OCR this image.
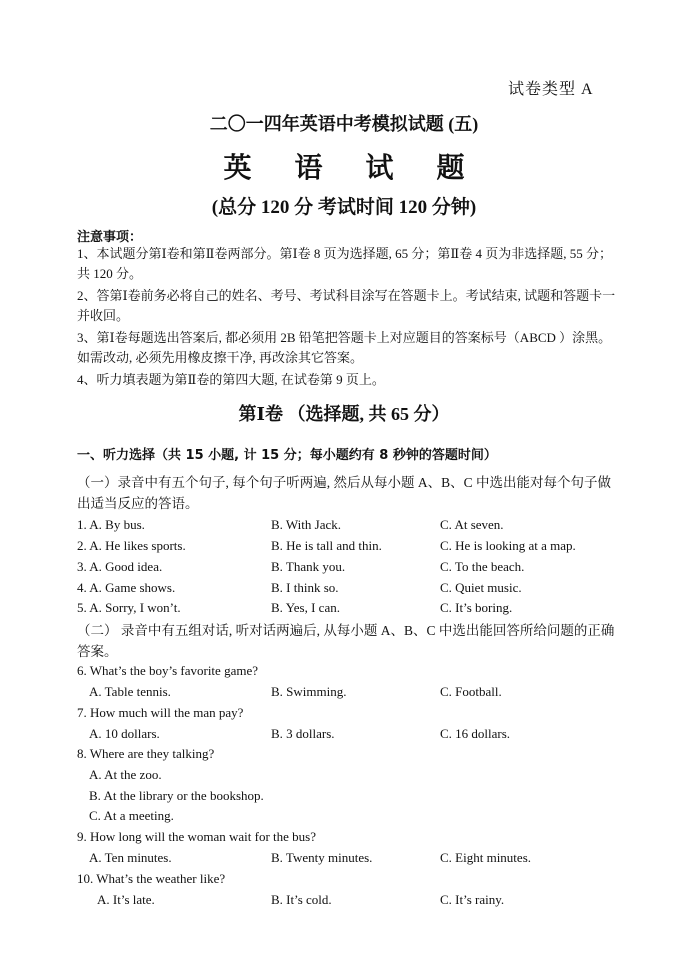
试卷类型 A
二〇一四年英语中考模拟试题 (五)
英 语 试 题
(总分 120 分 考试时间 120 分钟)
注意事项：
1、本试题分第Ⅰ卷和第Ⅱ卷两部分。第Ⅰ卷 8 页为选择题, 65 分；第Ⅱ卷 4 页为非选择题, 55 分；共 120 分。
2、答第Ⅰ卷前务必将自己的姓名、考号、考试科目涂写在答题卡上。考试结束, 试题和答题卡一并收回。
3、第Ⅰ卷每题选出答案后, 都必须用 2B 铅笔把答题卡上对应题目的答案标号（ABCD ）涂黑。如需改动, 必须先用橡皮擦干净, 再改涂其它答案。
4、听力填表题为第Ⅱ卷的第四大题, 在试卷第 9 页上。
第Ⅰ卷 （选择题, 共 65 分）
一、听力选择（共 15 小题, 计 15 分；每小题约有 8 秒钟的答题时间）
（一）录音中有五个句子, 每个句子听两遍, 然后从每小题 A、B、C 中选出能对每个句子做出适当反应的答语。
1. A. By bus.	B. With Jack.	C. At seven.
2. A. He likes sports.	B. He is tall and thin.	C. He is looking at a map.
3. A. Good idea.	B. Thank you.	C. To the beach.
4. A. Game shows.	B. I think so.	C. Quiet music.
5. A. Sorry, I won’t.	B. Yes, I can.	C. It’s boring.
（二） 录音中有五组对话, 听对话两遍后, 从每小题 A、B、C 中选出能回答所给问题的正确答案。
6. What’s the boy’s favorite game?
A. Table tennis.	B. Swimming.	C. Football.
7. How much will the man pay?
A. 10 dollars.	B. 3 dollars.	C. 16 dollars.
8. Where are they talking?
A. At the zoo.
B. At the library or the bookshop.
C. At a meeting.
9. How long will the woman wait for the bus?
A. Ten minutes.	B. Twenty minutes.	C. Eight minutes.
10. What’s the weather like?
A. It’s late.	B. It’s cold.	C. It’s rainy.
